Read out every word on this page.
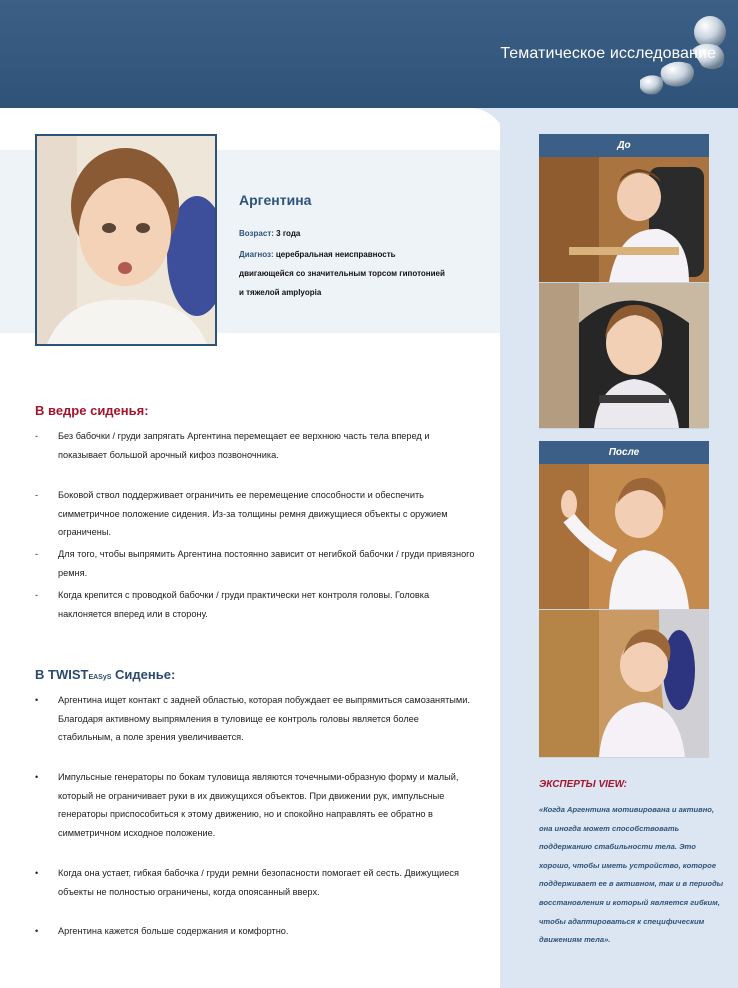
Тематическое исследование
Аргентина
Возраст: 3 года
Диагноз: церебральная неисправность
двигающейся со значительным торсом гипотонией
и тяжелой amplyopia
В ведре сиденья:
- Без бабочки / груди запрягать Аргентина перемещает ее верхнюю часть тела вперед и показывает большой арочный кифоз позвоночника.
- Боковой ствол поддерживает ограничить ее перемещение способности и обеспечить симметричное положение сидения. Из-за толщины ремня движущиеся объекты с оружием ограничены.
- Для того, чтобы выпрямить Аргентина постоянно зависит от негибкой бабочки / груди привязного ремня.
- Когда крепится с проводкой бабочки / груди практически нет контроля головы. Головка наклоняется вперед или в сторону.
В TWISTEASyS Сиденье:
• Аргентина ищет контакт с задней областью, которая побуждает ее выпрямиться самозанятыми. Благодаря активному выпрямления в туловище ее контроль головы является более стабильным, а поле зрения увеличивается.
• Импульсные генераторы по бокам туловища являются точечными-образную форму и малый, который не ограничивает руки в их движущихся объектов. При движении рук, импульсные генераторы приспособиться к этому движению, но и спокойно направлять ее обратно в симметричном исходное положение.
• Когда она устает, гибкая бабочка / груди ремни безопасности помогает ей сесть. Движущиеся объекты не полностью ограничены, когда опоясанный вверх.
• Аргентина кажется больше содержания и комфортно.
До
После
ЭКСПЕРТЫ VIEW:
«Когда Аргентина мотивирована и активно, она иногда может способствовать поддержанию стабильности тела. Это хорошо, чтобы иметь устройство, которое поддерживает ее в активном, так и в периоды восстановления и который является гибким, чтобы адаптироваться к специфическим движениям тела».
